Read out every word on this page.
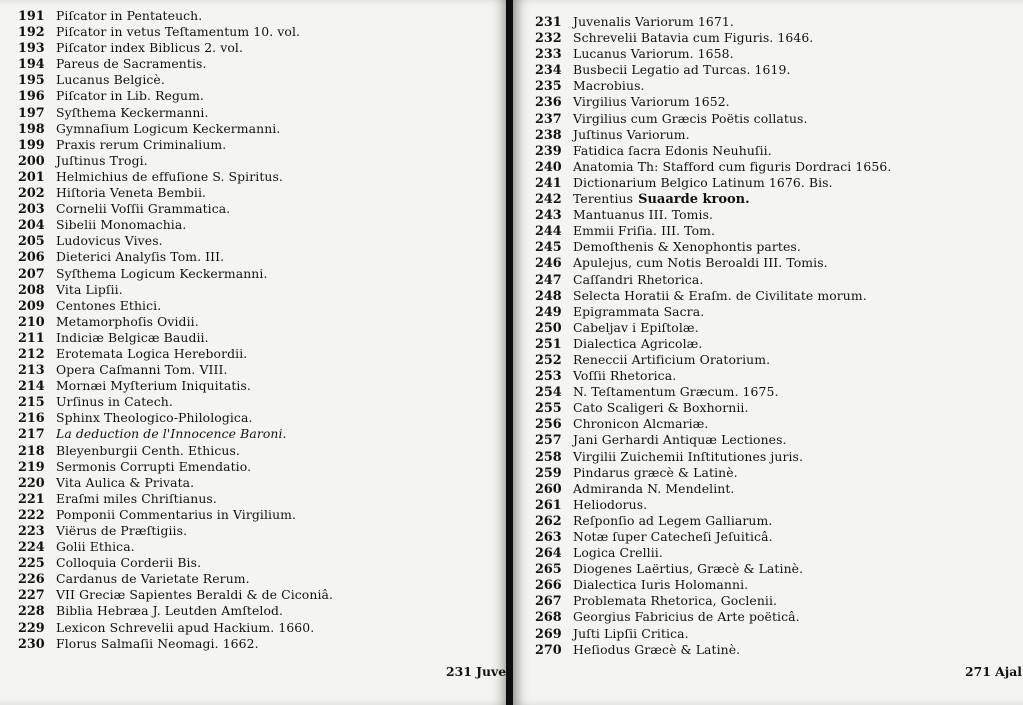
191 Piſcator in Pentateuch.
192 Piſcator in vetus Teſtamentum 10. vol.
193 Piſcator index Biblicus 2. vol.
194 Pareus de Sacramentis.
195 Lucanus Belgicè.
196 Piſcator in Lib. Regum.
197 Syſthema Keckermanni.
198 Gymnaſium Logicum Keckermanni.
199 Praxis rerum Criminalium.
200 Juſtinus Trogi.
201 Helmichius de effuſione S. Spiritus.
202 Hiſtoria Veneta Bembii.
203 Cornelii Voſſii Grammatica.
204 Sibelii Monomachia.
205 Ludovicus Vives.
206 Dieterici Analyſis Tom. III.
207 Syſthema Logicum Keckermanni.
208 Vita Lipſii.
209 Centones Ethici.
210 Metamorphoſis Ovidii.
211 Indiciæ Belgicæ Baudii.
212 Erotemata Logica Herebordii.
213 Opera Caſmanni Tom. VIII.
214 Mornæi Myſterium Iniquitatis.
215 Urſinus in Catech.
216 Sphinx Theologico-Philologica.
217 La deduction de l'Innocence Baroni.
218 Bleyenburgii Centh. Ethicus.
219 Sermonis Corrupti Emendatio.
220 Vita Aulica & Privata.
221 Eraſmi miles Chriſtianus.
222 Pomponii Commentarius in Virgilium.
223 Viërus de Præſtigiis.
224 Golii Ethica.
225 Colloquia Corderii Bis.
226 Cardanus de Varietate Rerum.
227 VII Greciæ Sapientes Beraldi & de Ciconiâ.
228 Biblia Hebræa J. Leutden Amſtelod.
229 Lexicon Schrevelii apud Hackium. 1660.
230 Florus Salmaſii Neomagi. 1662.
231 Juve
231 Juvenalis Variorum 1671.
232 Schrevelii Batavia cum Figuris. 1646.
233 Lucanus Variorum. 1658.
234 Busbecii Legatio ad Turcas. 1619.
235 Macrobius.
236 Virgilius Variorum 1652.
237 Virgilius cum Græcis Poëtis collatus.
238 Juſtinus Variorum.
239 Fatidica ſacra Edonis Neuhuſii.
240 Anatomia Th: Stafford cum figuris Dordraci 1656.
241 Dictionarium Belgico Latinum 1676. Bis.
242 Terentius Suaarde kroon.
243 Mantuanus III. Tomis.
244 Emmii Friſia. III. Tom.
245 Demoſthenis & Xenophontis partes.
246 Apulejus, cum Notis Beroaldi III. Tomis.
247 Caſſandri Rhetorica.
248 Selecta Horatii & Eraſm. de Civilitate morum.
249 Epigrammata Sacra.
250 Cabeljav i Epiſtolæ.
251 Dialectica Agricolæ.
252 Reneccii Artificium Oratorium.
253 Voſſii Rhetorica.
254 N. Teſtamentum Græcum. 1675.
255 Cato Scaligeri & Boxhornii.
256 Chronicon Alcmariæ.
257 Jani Gerhardi Antiquæ Lectiones.
258 Virgilii Zuichemii Inſtitutiones juris.
259 Pindarus græcè & Latinè.
260 Admiranda N. Mendelint.
261 Heliodorus.
262 Reſponſio ad Legem Galliarum.
263 Notæ ſuper Catecheſi Jeſuiticâ.
264 Logica Crellii.
265 Diogenes Laërtius, Græcè & Latinè.
266 Dialectica Iuris Holomanni.
267 Problemata Rhetorica, Goclenii.
268 Georgius Fabricius de Arte poëticâ.
269 Juſti Lipſii Critica.
270 Heſiodus Græcè & Latinè.
271 Ajal
